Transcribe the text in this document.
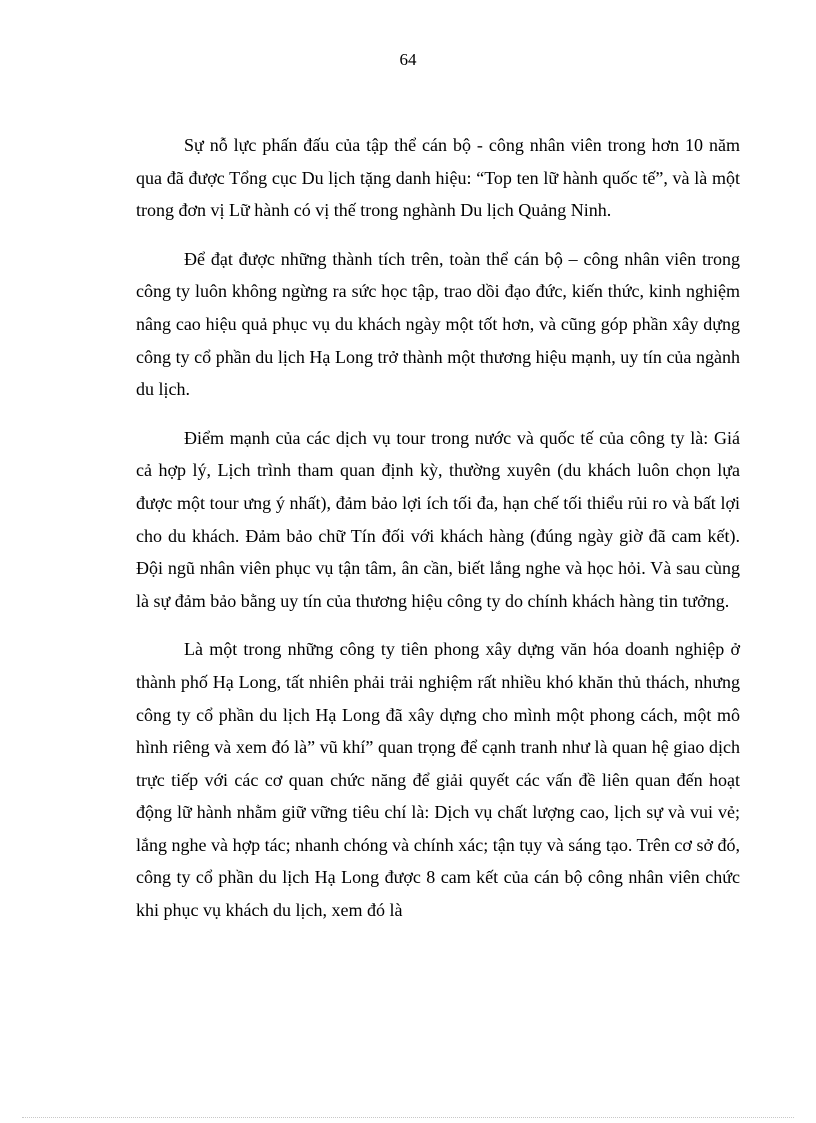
64

Sự nỗ lực phấn đấu của tập thể cán bộ - công nhân viên trong hơn 10 năm qua đã được Tổng cục Du lịch tặng danh hiệu: “Top ten lữ hành quốc tế”, và là một trong đơn vị Lữ hành có vị thế trong nghành Du lịch Quảng Ninh.

Để đạt được những thành tích trên, toàn thể cán bộ – công nhân viên trong công ty luôn không ngừng ra sức học tập, trao dồi đạo đức, kiến thức, kinh nghiệm nâng cao hiệu quả phục vụ du khách ngày một tốt hơn, và cũng góp phần xây dựng công ty cổ phần du lịch Hạ Long trở thành một thương hiệu mạnh, uy tín của ngành du lịch.

Điểm mạnh của các dịch vụ tour trong nước và quốc tế của công ty là: Giá cả hợp lý, Lịch trình tham quan định kỳ, thường xuyên (du khách luôn chọn lựa được một tour ưng ý nhất), đảm bảo lợi ích tối đa, hạn chế tối thiểu rủi ro và bất lợi cho du khách. Đảm bảo chữ Tín đối với khách hàng (đúng ngày giờ đã cam kết). Đội ngũ nhân viên phục vụ tận tâm, ân cần, biết lắng nghe và học hỏi. Và sau cùng là sự đảm bảo bằng uy tín của thương hiệu công ty do chính khách hàng tin tưởng.

Là một trong những công ty tiên phong xây dựng văn hóa doanh nghiệp ở thành phố Hạ Long, tất nhiên phải trải nghiệm rất nhiều khó khăn thủ thách, nhưng công ty cổ phần du lịch Hạ Long đã xây dựng cho mình một phong cách, một mô hình riêng và xem đó là” vũ khí” quan trọng để cạnh tranh như là quan hệ giao dịch trực tiếp với các cơ quan chức năng để giải quyết các vấn đề liên quan đến hoạt động lữ hành nhằm giữ vững tiêu chí là: Dịch vụ chất lượng cao, lịch sự và vui vẻ; lắng nghe và hợp tác; nhanh chóng và chính xác; tận tụy và sáng tạo. Trên cơ sở đó, công ty cổ phần du lịch Hạ Long được 8 cam kết của cán bộ công nhân viên chức khi phục vụ khách du lịch, xem đó là
